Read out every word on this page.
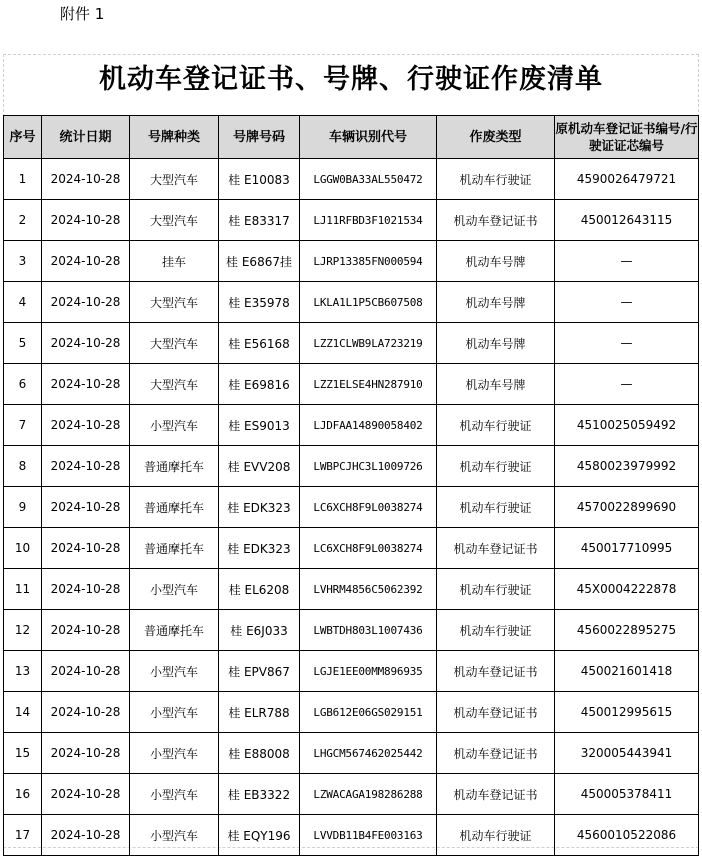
附件 1
机动车登记证书、号牌、行驶证作废清单
序号	统计日期	号牌种类	号牌号码	车辆识别代号	作废类型	原机动车登记证书编号/行驶证证芯编号
1	2024-10-28	大型汽车	桂 E10083	LGGW0BA33AL550472	机动车行驶证	4590026479721
2	2024-10-28	大型汽车	桂 E83317	LJ11RFBD3F1021534	机动车登记证书	450012643115
3	2024-10-28	挂车	桂 E6867挂	LJRP13385FN000594	机动车号牌	—
4	2024-10-28	大型汽车	桂 E35978	LKLA1L1P5CB607508	机动车号牌	—
5	2024-10-28	大型汽车	桂 E56168	LZZ1CLWB9LA723219	机动车号牌	—
6	2024-10-28	大型汽车	桂 E69816	LZZ1ELSE4HN287910	机动车号牌	—
7	2024-10-28	小型汽车	桂 ES9013	LJDFAA14890058402	机动车行驶证	4510025059492
8	2024-10-28	普通摩托车	桂 EVV208	LWBPCJHC3L1009726	机动车行驶证	4580023979992
9	2024-10-28	普通摩托车	桂 EDK323	LC6XCH8F9L0038274	机动车行驶证	4570022899690
10	2024-10-28	普通摩托车	桂 EDK323	LC6XCH8F9L0038274	机动车登记证书	450017710995
11	2024-10-28	小型汽车	桂 EL6208	LVHRM4856C5062392	机动车行驶证	45X0004222878
12	2024-10-28	普通摩托车	桂 E6J033	LWBTDH803L1007436	机动车行驶证	4560022895275
13	2024-10-28	小型汽车	桂 EPV867	LGJE1EE00MM896935	机动车登记证书	450021601418
14	2024-10-28	小型汽车	桂 ELR788	LGB612E06GS029151	机动车登记证书	450012995615
15	2024-10-28	小型汽车	桂 E88008	LHGCM567462025442	机动车登记证书	320005443941
16	2024-10-28	小型汽车	桂 EB3322	LZWACAGA198286288	机动车登记证书	450005378411
17	2024-10-28	小型汽车	桂 EQY196	LVVDB11B4FE003163	机动车行驶证	4560010522086
